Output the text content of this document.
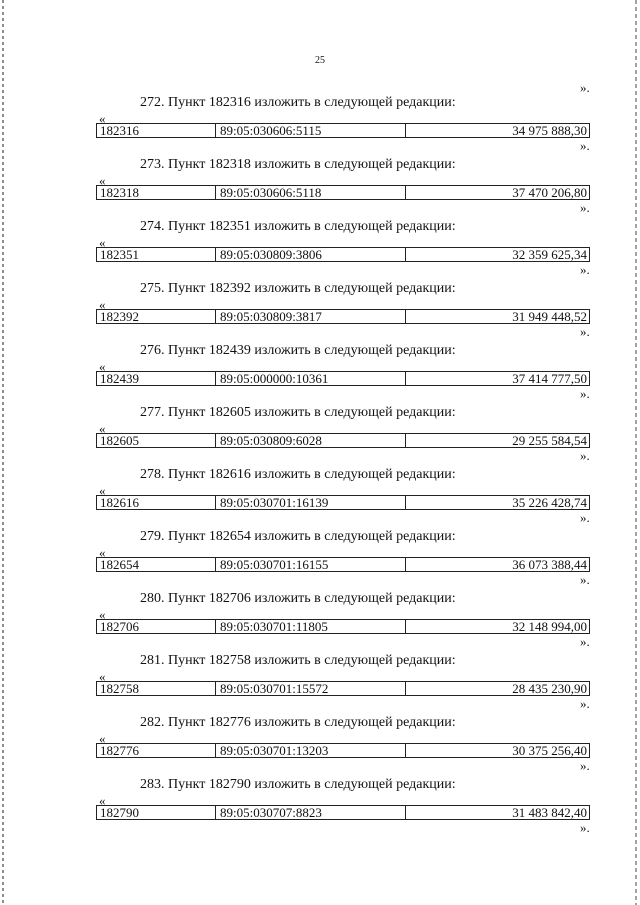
25
».
272. Пункт 182316 изложить в следующей редакции:
«
182316	89:05:030606:5115	34 975 888,30
».
273. Пункт 182318 изложить в следующей редакции:
«
182318	89:05:030606:5118	37 470 206,80
».
274. Пункт 182351 изложить в следующей редакции:
«
182351	89:05:030809:3806	32 359 625,34
».
275. Пункт 182392 изложить в следующей редакции:
«
182392	89:05:030809:3817	31 949 448,52
».
276. Пункт 182439 изложить в следующей редакции:
«
182439	89:05:000000:10361	37 414 777,50
».
277. Пункт 182605 изложить в следующей редакции:
«
182605	89:05:030809:6028	29 255 584,54
».
278. Пункт 182616 изложить в следующей редакции:
«
182616	89:05:030701:16139	35 226 428,74
».
279. Пункт 182654 изложить в следующей редакции:
«
182654	89:05:030701:16155	36 073 388,44
».
280. Пункт 182706 изложить в следующей редакции:
«
182706	89:05:030701:11805	32 148 994,00
».
281. Пункт 182758 изложить в следующей редакции:
«
182758	89:05:030701:15572	28 435 230,90
».
282. Пункт 182776 изложить в следующей редакции:
«
182776	89:05:030701:13203	30 375 256,40
».
283. Пункт 182790 изложить в следующей редакции:
«
182790	89:05:030707:8823	31 483 842,40
».
